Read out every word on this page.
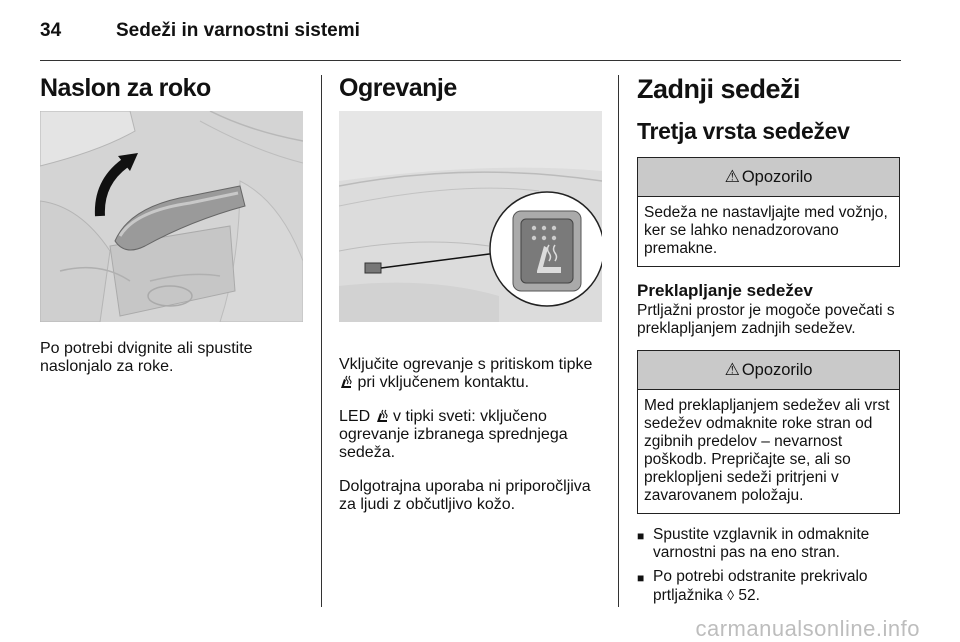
34	Sedeži in varnostni sistemi
Naslon za roko

Po potrebi dvignite ali spustite naslonjalo za roke.

Ogrevanje

Vključite ogrevanje s pritiskom tipke  pri vključenem kontaktu.

LED v tipki sveti: vključeno ogrevanje izbranega sprednjega sedeža.

Dolgotrajna uporaba ni priporočljiva za ljudi z občutljivo kožo.

Zadnji sedeži
Tretja vrsta sedežev
⚠ Opozorilo
Sedeža ne nastavljajte med vožnjo, ker se lahko nenadzorovano premakne.
Preklapljanje sedežev

Prtljažni prostor je mogoče povečati s preklapljanjem zadnjih sedežev.

⚠ Opozorilo
Med preklapljanjem sedežev ali vrst sedežev odmaknite roke stran od zgibnih predelov – nevarnost poškodb. Prepričajte se, ali so preklopljeni sedeži pritrjeni v zavarovanem položaju.
■ Spustite vzglavnik in odmaknite varnostni pas na eno stran.
■ Po potrebi odstranite prekrivalo prtljažnika ◊ 52.
carmanualsonline.info
